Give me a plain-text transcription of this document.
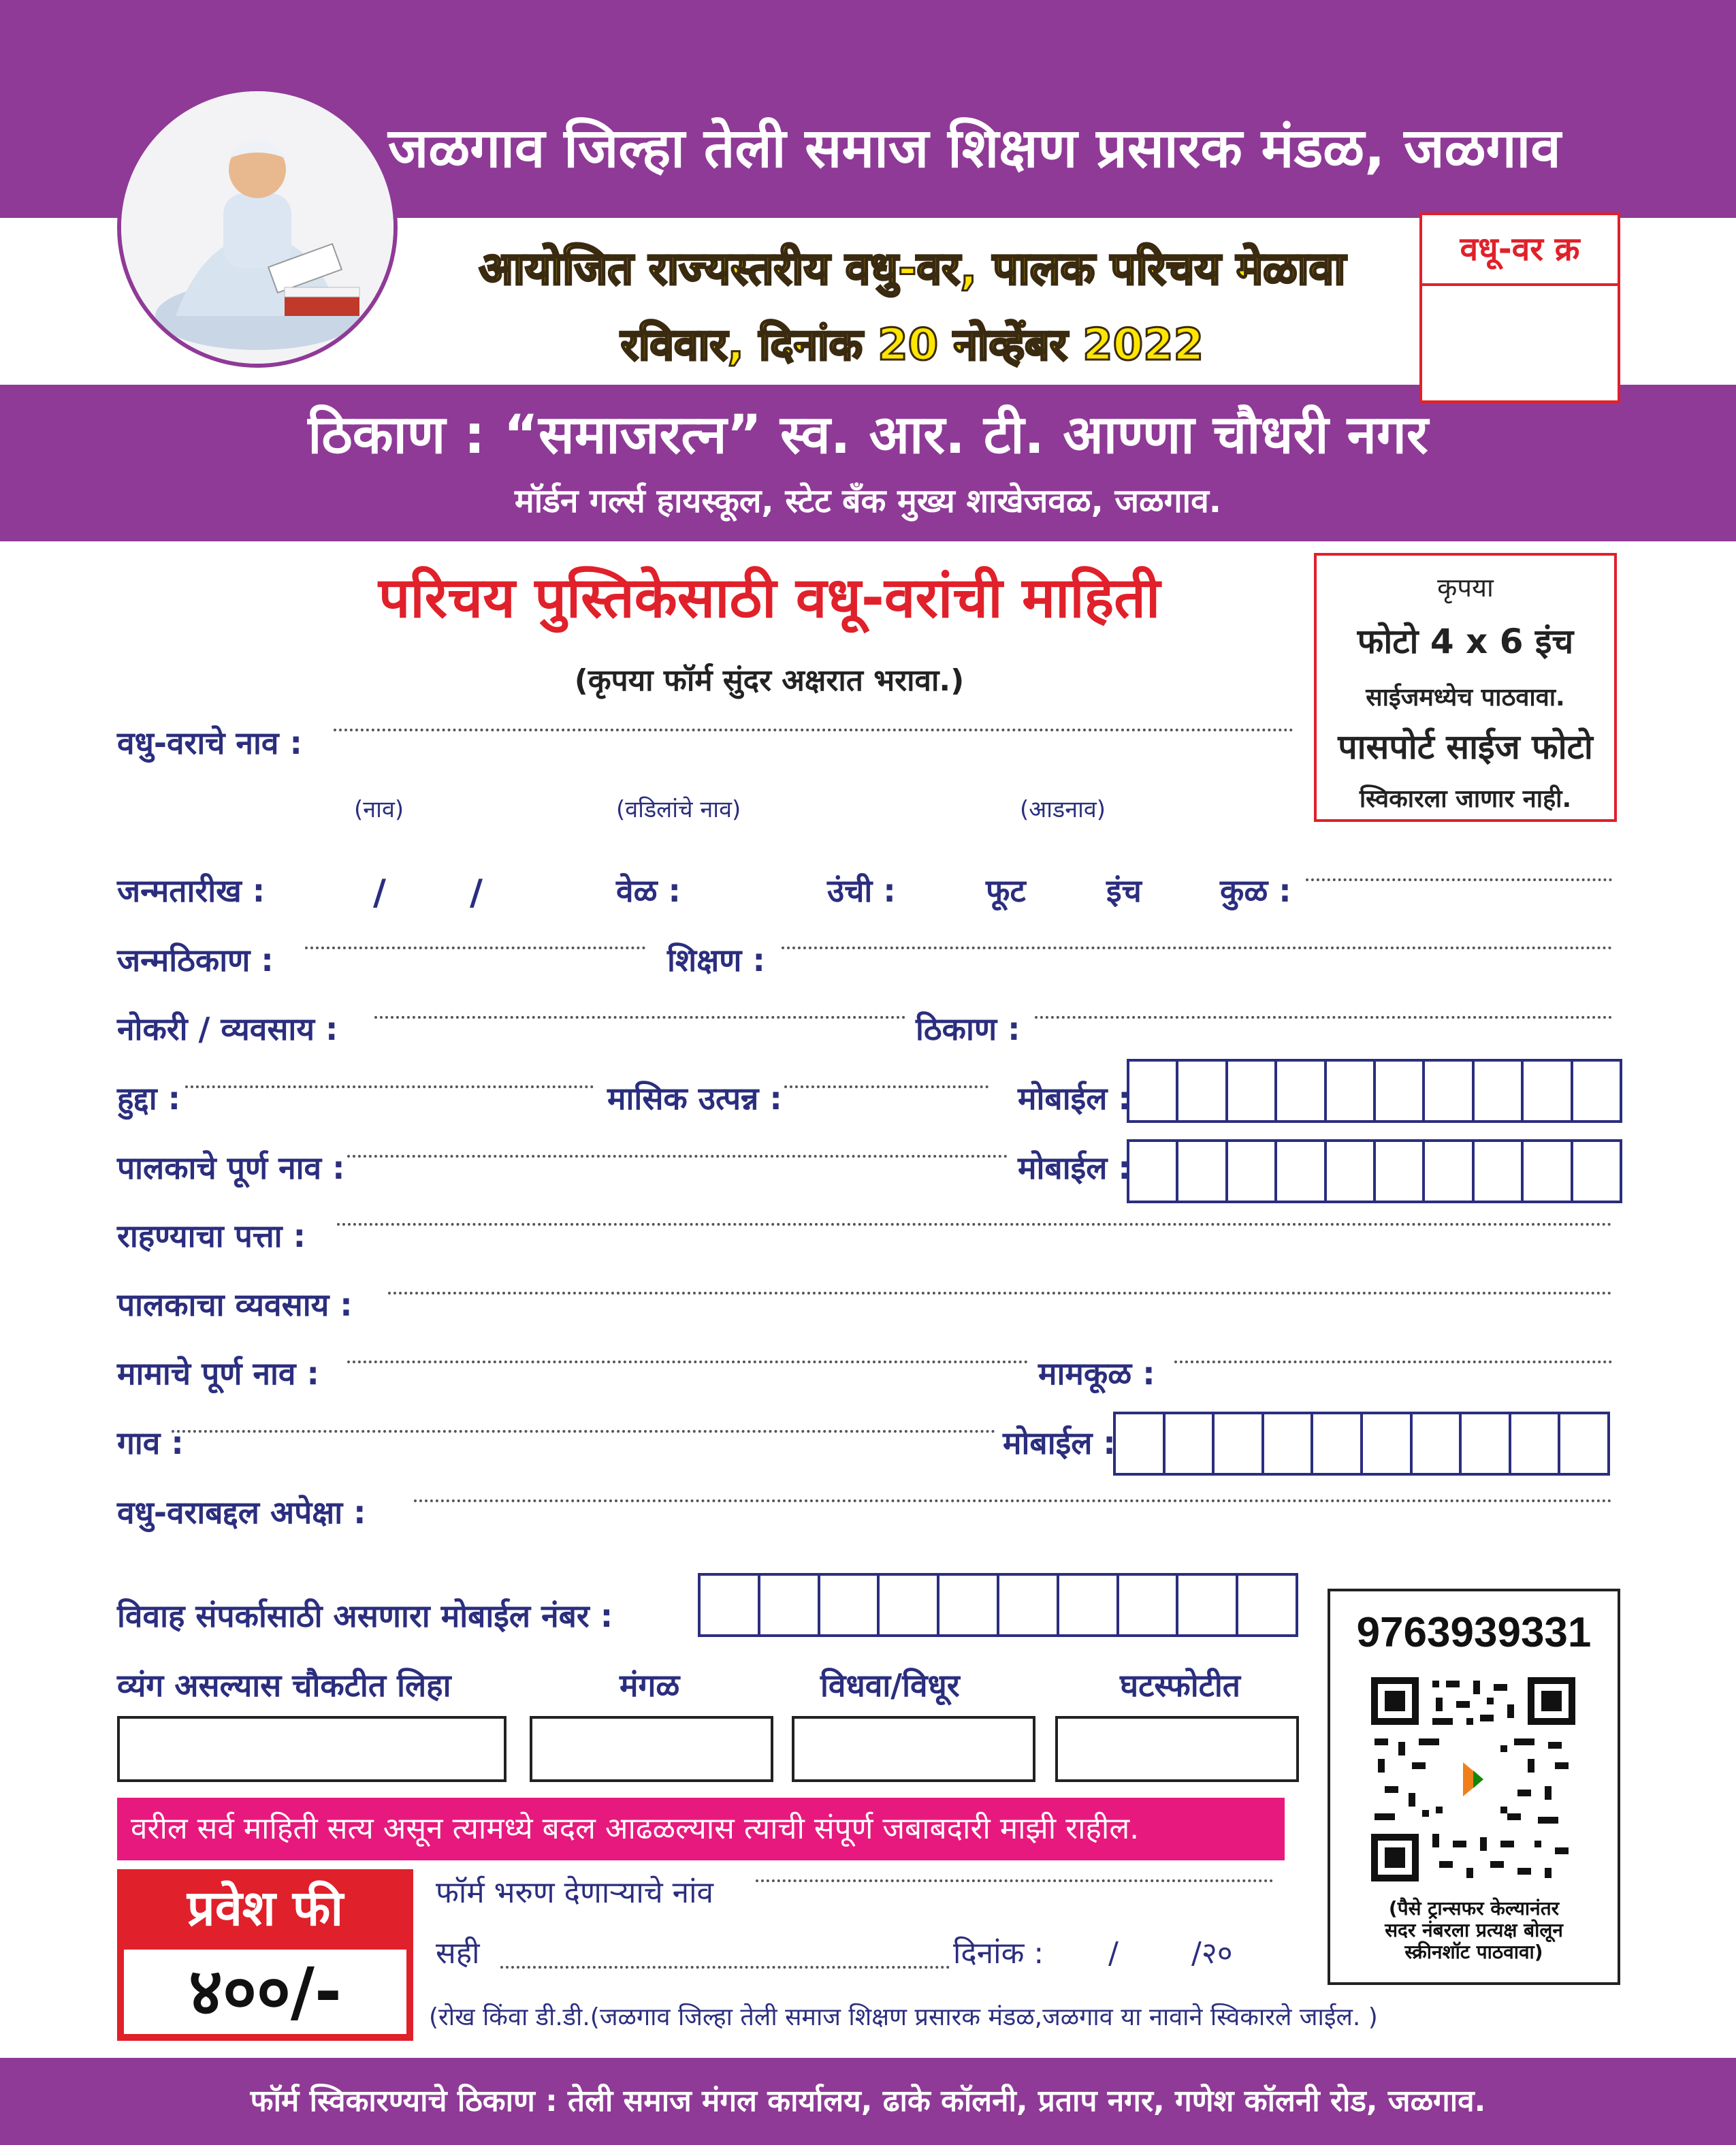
जळगाव जिल्हा तेली समाज शिक्षण प्रसारक मंडळ, जळगाव
आयोजित राज्यस्तरीय वधु-वर, पालक परिचय मेळावा
रविवार, दिनांक 20 नोव्हेंबर 2022
वधू-वर क्र
ठिकाण : “समाजरत्न” स्व. आर. टी. आण्णा चौधरी नगर
मॉर्डन गर्ल्स हायस्कूल, स्टेट बँक मुख्य शाखेजवळ, जळगाव.
परिचय पुस्तिकेसाठी वधू-वरांची माहिती
(कृपया फॉर्म सुंदर अक्षरात भरावा.)
कृपया
फोटो 4 x 6 इंच
साईजमध्येच पाठवावा.
पासपोर्ट साईज फोटो
स्विकारला जाणार नाही.
वधु-वराचे नाव :
(नाव)	(वडिलांचे नाव)	(आडनाव)
जन्मतारीख :	/ /	वेळ :	उंची :	फूट	इंच	कुळ :
जन्मठिकाण :	शिक्षण :
नोकरी / व्यवसाय :	ठिकाण :
हुद्दा :	मासिक उत्पन्न :	मोबाईल :
पालकाचे पूर्ण नाव :	मोबाईल :
राहण्याचा पत्ता :
पालकाचा व्यवसाय :
मामाचे पूर्ण नाव :	मामकूळ :
गाव :	मोबाईल :
वधु-वराबद्दल अपेक्षा :
विवाह संपर्कासाठी असणारा मोबाईल नंबर :
व्यंग असल्यास चौकटीत लिहा	मंगळ	विधवा/विधूर	घटस्फोटीत
9763939331
(पैसे ट्रान्सफर केल्यानंतर
सदर नंबरला प्रत्यक्ष बोलून
स्क्रीनशॉट पाठवावा)
वरील सर्व माहिती सत्य असून त्यामध्ये बदल आढळल्यास त्याची संपूर्ण जबाबदारी माझी राहील.
प्रवेश फी
४००/-
फॉर्म भरुण देणाऱ्याचे नांव
सही	दिनांक : / /२०
(रोख किंवा डी.डी.(जळगाव जिल्हा तेली समाज शिक्षण प्रसारक मंडळ,जळगाव या नावाने स्विकारले जाईल. )
फॉर्म स्विकारण्याचे ठिकाण : तेली समाज मंगल कार्यालय, ढाके कॉलनी, प्रताप नगर, गणेश कॉलनी रोड, जळगाव.
